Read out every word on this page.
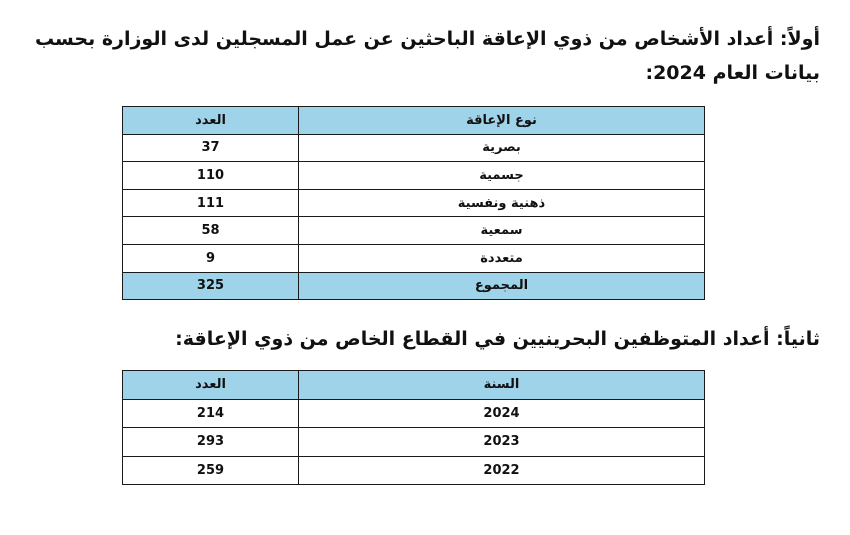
أولاً: أعداد الأشخاص من ذوي الإعاقة الباحثين عن عمل المسجلين لدى الوزارة بحسب
بيانات العام 2024:
نوع الإعاقة	العدد
بصرية	37
جسمية	110
ذهنية ونفسية	111
سمعية	58
متعددة	9
المجموع	325
ثانياً: أعداد المتوظفين البحرينيين في القطاع الخاص من ذوي الإعاقة:
السنة	العدد
2024	214
2023	293
2022	259
